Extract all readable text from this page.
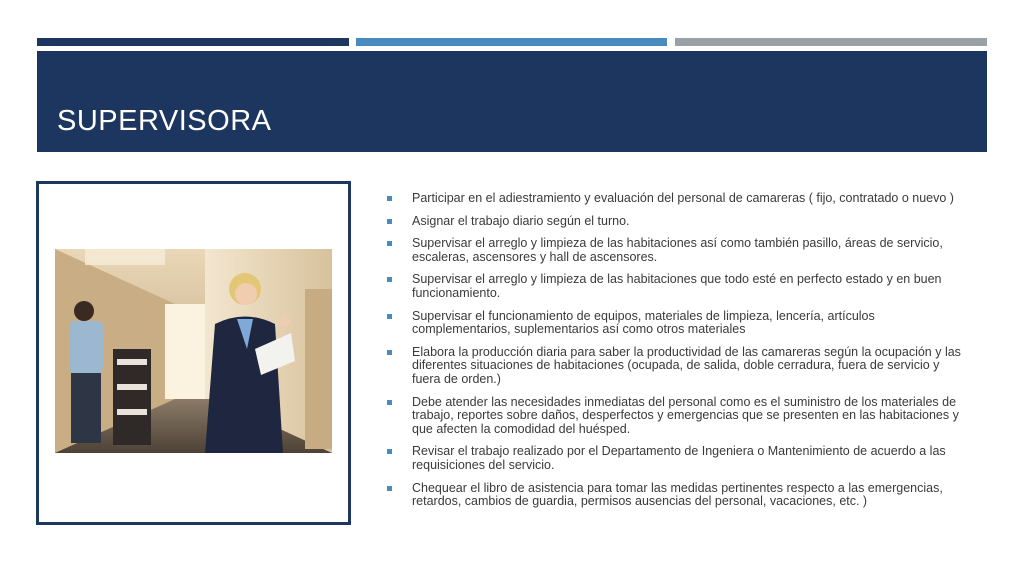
SUPERVISORA
Participar en el adiestramiento y evaluación del personal de camareras ( fijo, contratado o nuevo )
Asignar el trabajo diario según el turno.
Supervisar el arreglo y limpieza de las habitaciones así como también pasillo, áreas de servicio, escaleras, ascensores y hall de ascensores.
Supervisar el arreglo y limpieza de las habitaciones que todo esté en perfecto estado y en buen funcionamiento.
Supervisar el funcionamiento de equipos, materiales de limpieza, lencería, artículos complementarios, suplementarios así como otros materiales
Elabora la producción diaria para saber la productividad de las camareras según la ocupación y las diferentes situaciones de habitaciones (ocupada, de salida, doble cerradura, fuera de servicio y fuera de orden.)
Debe atender las necesidades inmediatas del personal como es el suministro de los materiales de trabajo, reportes sobre daños, desperfectos y emergencias que se presenten en las habitaciones y que afecten la comodidad del huésped.
Revisar el trabajo realizado por el Departamento de Ingeniera o Mantenimiento de acuerdo a las requisiciones del servicio.
Chequear el libro de asistencia para tomar las medidas pertinentes respecto a las emergencias, retardos, cambios de guardia, permisos ausencias del personal, vacaciones, etc. )
